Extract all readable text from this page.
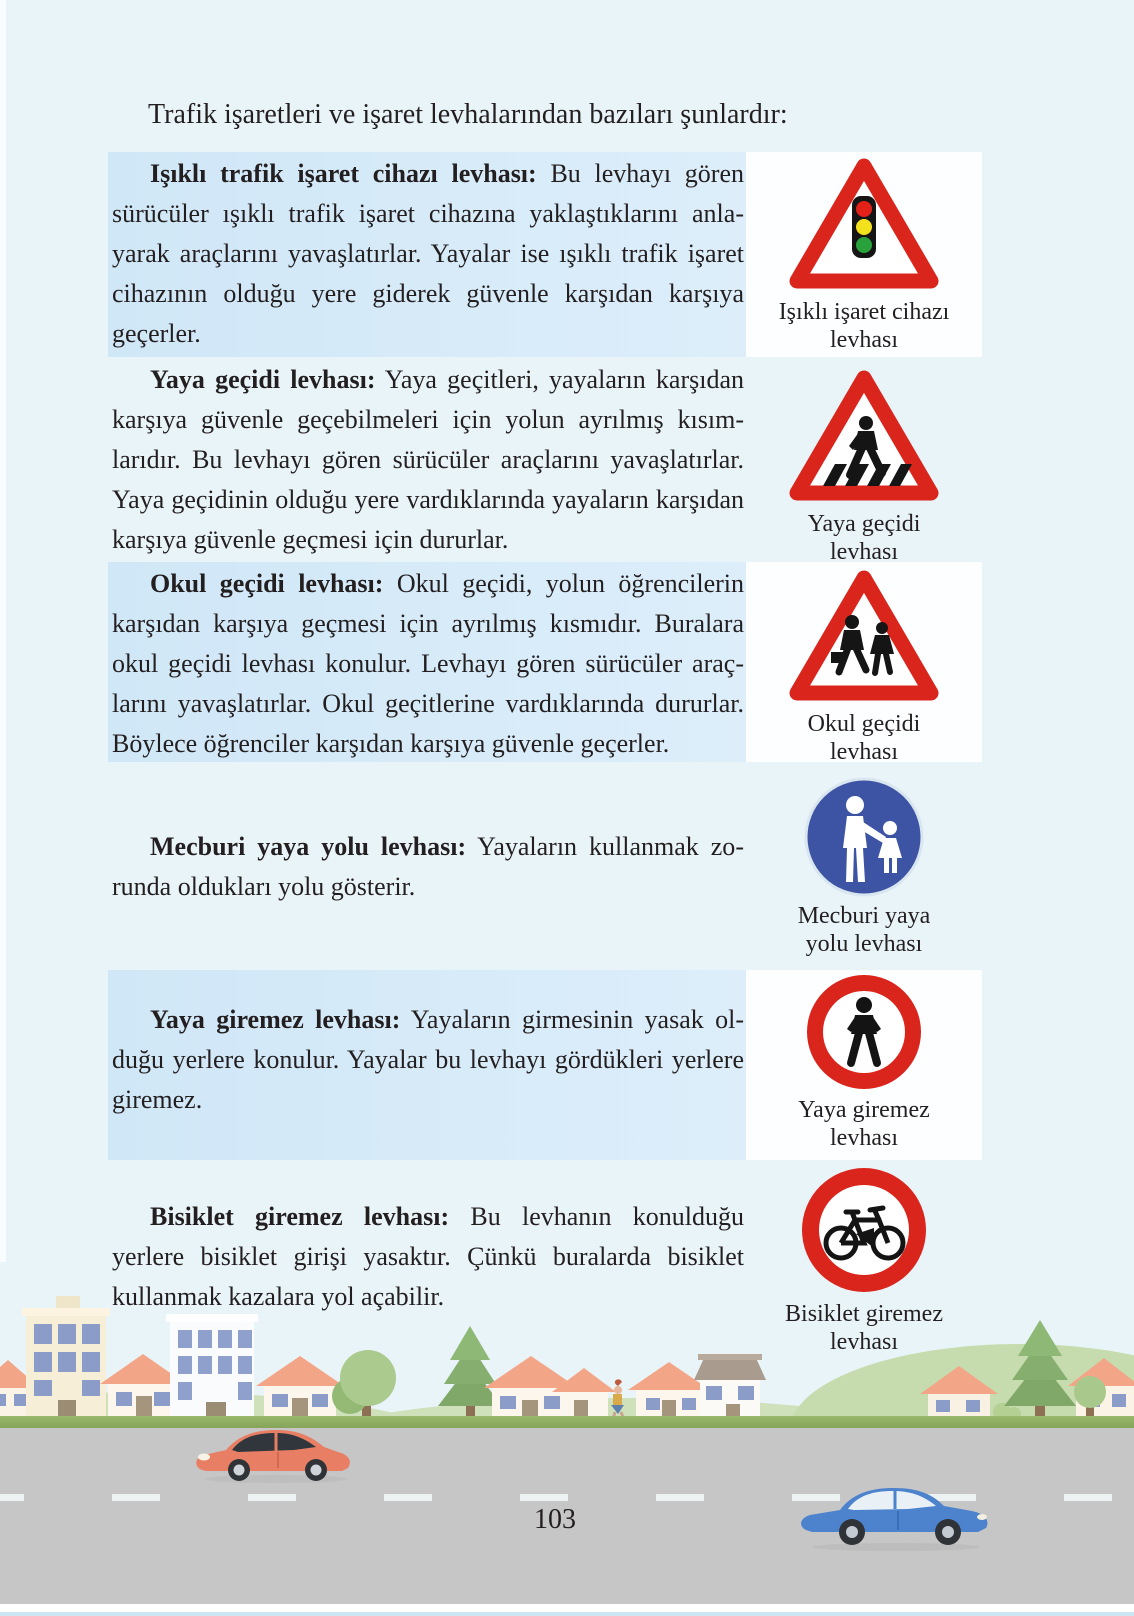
Trafik işaretleri ve işaret levhalarından bazıları şunlardır:

Işıklı trafik işaret cihazı levhası: Bu levhayı gören sürücüler ışıklı trafik işaret cihazına yaklaştıklarını anlayarak araçlarını yavaşlatırlar. Yayalar ise ışıklı trafik işaret cihazının olduğu yere giderek güvenle karşıdan karşıya geçerler.

Işıklı işaret cihazı
levhası

Yaya geçidi levhası: Yaya geçitleri, yayaların karşıdan karşıya güvenle geçebilmeleri için yolun ayrılmış kısımlarıdır. Bu levhayı gören sürücüler araçlarını yavaşlatırlar. Yaya geçidinin olduğu yere vardıklarında yayaların karşıdan karşıya güvenle geçmesi için dururlar.

Yaya geçidi
levhası

Okul geçidi levhası: Okul geçidi, yolun öğrencilerin karşıdan karşıya geçmesi için ayrılmış kısmıdır. Buralara okul geçidi levhası konulur. Levhayı gören sürücüler araçlarını yavaşlatırlar. Okul geçitlerine vardıklarında dururlar. Böylece öğrenciler karşıdan karşıya güvenle geçerler.

Okul geçidi
levhası

Mecburi yaya yolu levhası: Yayaların kullanmak zorunda oldukları yolu gösterir.

Mecburi yaya
yolu levhası

Yaya giremez levhası: Yayaların girmesinin yasak olduğu yerlere konulur. Yayalar bu levhayı gördükleri yerlere giremez.	Yaya giremez
levhası

Bisiklet giremez levhası: Bu levhanın konulduğu yerlere bisiklet girişi yasaktır. Çünkü buralarda bisiklet kullanmak kazalara yol açabilir.

Bisiklet giremez
levhası
103
